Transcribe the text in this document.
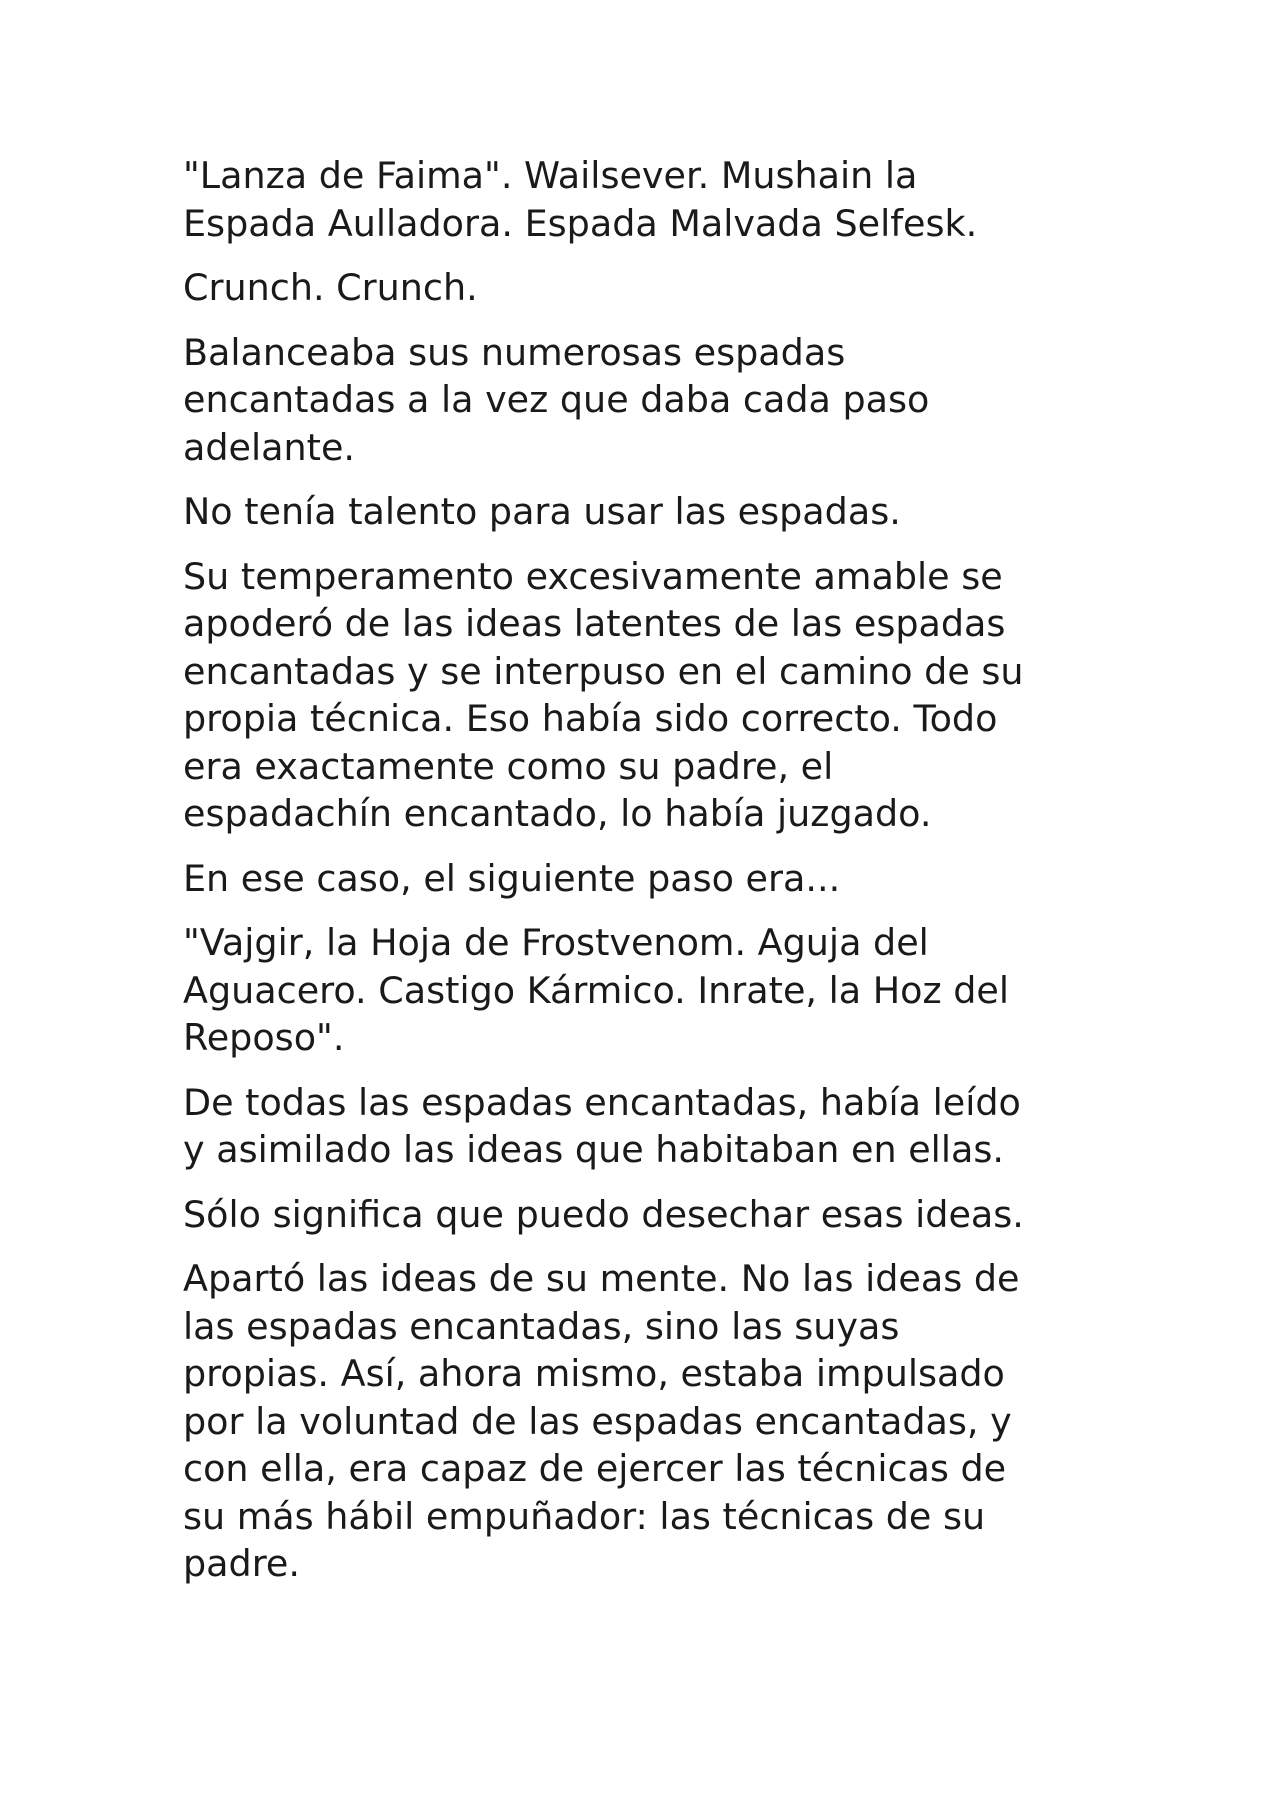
"Lanza de Faima". Wailsever. Mushain la
Espada Aulladora. Espada Malvada Selfesk.

Crunch. Crunch.

Balanceaba sus numerosas espadas
encantadas a la vez que daba cada paso
adelante.

No tenía talento para usar las espadas.

Su temperamento excesivamente amable se
apoderó de las ideas latentes de las espadas
encantadas y se interpuso en el camino de su
propia técnica. Eso había sido correcto. Todo
era exactamente como su padre, el
espadachín encantado, lo había juzgado.

En ese caso, el siguiente paso era...

"Vajgir, la Hoja de Frostvenom. Aguja del
Aguacero. Castigo Kármico. Inrate, la Hoz del
Reposo".

De todas las espadas encantadas, había leído
y asimilado las ideas que habitaban en ellas.

Sólo significa que puedo desechar esas ideas.

Apartó las ideas de su mente. No las ideas de
las espadas encantadas, sino las suyas
propias. Así, ahora mismo, estaba impulsado
por la voluntad de las espadas encantadas, y
con ella, era capaz de ejercer las técnicas de
su más hábil empuñador: las técnicas de su
padre.
